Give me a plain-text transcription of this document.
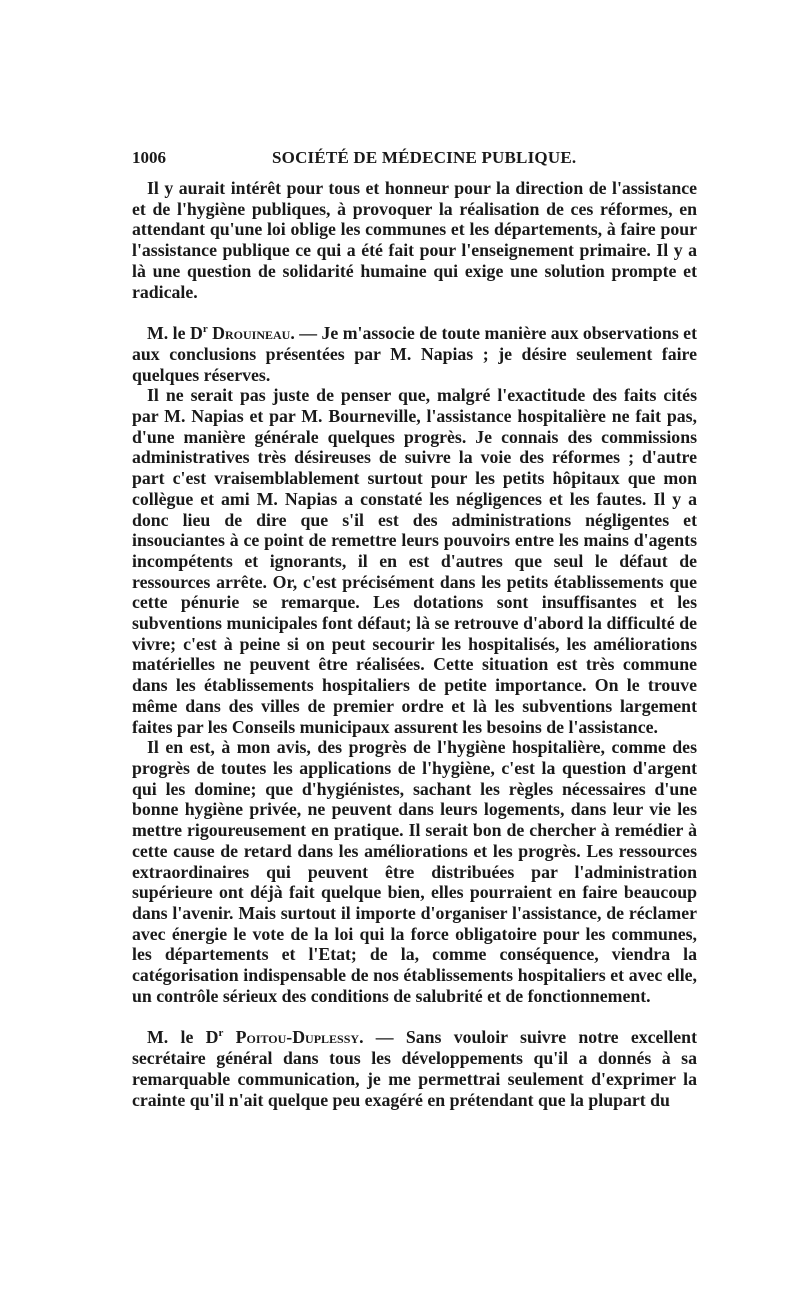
1006	SOCIÉTÉ DE MÉDECINE PUBLIQUE.

Il y aurait intérêt pour tous et honneur pour la direction de l'assistance et de l'hygiène publiques, à provoquer la réalisation de ces réformes, en attendant qu'une loi oblige les communes et les départements, à faire pour l'assistance publique ce qui a été fait pour l'enseignement primaire. Il y a là une question de solidarité humaine qui exige une solution prompte et radicale.

M. le $D^r$ Drouineau. — Je m'associe de toute manière aux observations et aux conclusions présentées par M. Napias ; je désire seulement faire quelques réserves.

Il ne serait pas juste de penser que, malgré l'exactitude des faits cités par M. Napias et par M. Bourneville, l'assistance hospitalière ne fait pas, d'une manière générale quelques progrès. Je connais des commissions administratives très désireuses de suivre la voie des réformes ; d'autre part c'est vraisemblablement surtout pour les petits hôpitaux que mon collègue et ami M. Napias a constaté les négligences et les fautes. Il y a donc lieu de dire que s'il est des administrations négligentes et insouciantes à ce point de remettre leurs pouvoirs entre les mains d'agents incompétents et ignorants, il en est d'autres que seul le défaut de ressources arrête. Or, c'est précisément dans les petits établissements que cette pénurie se remarque. Les dotations sont insuffisantes et les subventions municipales font défaut; là se retrouve d'abord la difficulté de vivre; c'est à peine si on peut secourir les hospitalisés, les améliorations matérielles ne peuvent être réalisées. Cette situation est très commune dans les établissements hospitaliers de petite importance. On le trouve même dans des villes de premier ordre et là les subventions largement faites par les Conseils municipaux assurent les besoins de l'assistance.

Il en est, à mon avis, des progrès de l'hygiène hospitalière, comme des progrès de toutes les applications de l'hygiène, c'est la question d'argent qui les domine; que d'hygiénistes, sachant les règles nécessaires d'une bonne hygiène privée, ne peuvent dans leurs logements, dans leur vie les mettre rigoureusement en pratique. Il serait bon de chercher à remédier à cette cause de retard dans les améliorations et les progrès. Les ressources extraordinaires qui peuvent être distribuées par l'administration supérieure ont déjà fait quelque bien, elles pourraient en faire beaucoup dans l'avenir. Mais surtout il importe d'organiser l'assistance, de réclamer avec énergie le vote de la loi qui la force obligatoire pour les communes, les départements et l'Etat; de la, comme conséquence, viendra la catégorisation indispensable de nos établissements hospitaliers et avec elle, un contrôle sérieux des conditions de salubrité et de fonctionnement.

M. le $D^r$ Poitou-Duplessy. — Sans vouloir suivre notre excellent secrétaire général dans tous les développements qu'il a donnés à sa remarquable communication, je me permettrai seulement d'exprimer la crainte qu'il n'ait quelque peu exagéré en prétendant que la plupart du
